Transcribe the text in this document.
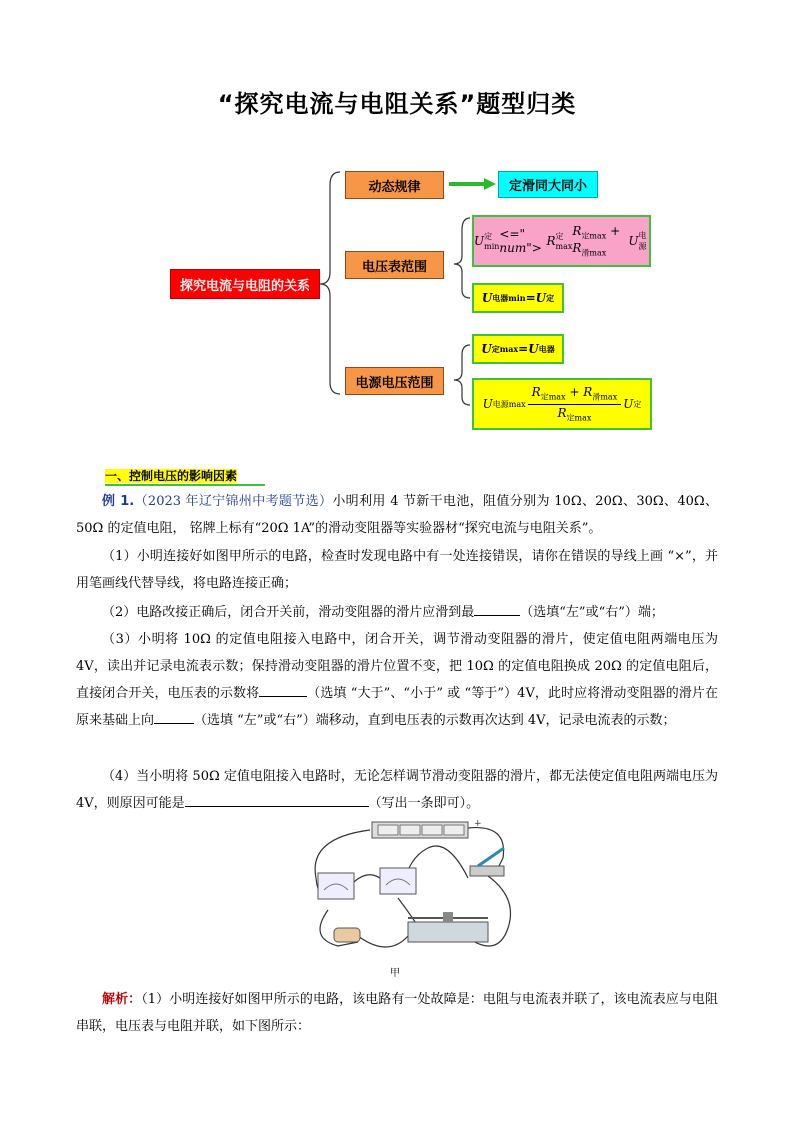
“探究电流与电阻关系”题型归类
探究电流与电阻的关系
动态规律	定滑同大同小
电压表范围
电源电压范围
U 定min
<=" num"> R 定max
$R_{定max} + R_{滑max}$
U 电源
U 电器min =U 定
U 定max =U 电器
U 电源$\max \frac{R_{定max} + R_{滑max}}{R_{定max}}$ U 定
一、控制电压的影响因素
例 1.（2023 年辽宁锦州中考题节选）小明利用 4 节新干电池，阻值分别为 10Ω、20Ω、30Ω、40Ω、50Ω 的定值电阻， 铭牌上标有“20Ω 1A”的滑动变阻器等实验器材“探究电流与电阻关系”。
（1）小明连接好如图甲所示的电路，检查时发现电路中有一处连接错误，请你在错误的导线上画 “×”，并用笔画线代替导线，将电路连接正确；
（2）电路改接正确后，闭合开关前，滑动变阻器的滑片应滑到最	（选填“左”或“右”）端；
（3）小明将 10Ω 的定值电阻接入电路中，闭合开关，调节滑动变阻器的滑片，使定值电阻两端电压为 4V，读出并记录电流表示数；保持滑动变阻器的滑片位置不变，把 10Ω 的定值电阻换成 20Ω 的定值电阻后，直接闭合开关，电压表的示数将	（选填 “大于”、“小于” 或 “等于”）4V，此时应将滑动变阻器的滑片在原来基础上向	（选填 “左”或“右”）端移动，直到电压表的示数再次达到 4V，记录电流表的示数；
（4）当小明将 50Ω 定值电阻接入电路时，无论怎样调节滑动变阻器的滑片，都无法使定值电阻两端电压为 4V，则原因可能是	（写出一条即可）。
+
甲
解析：（1）小明连接好如图甲所示的电路，该电路有一处故障是：电阻与电流表并联了，该电流表应与电阻串联，电压表与电阻并联，如下图所示：
